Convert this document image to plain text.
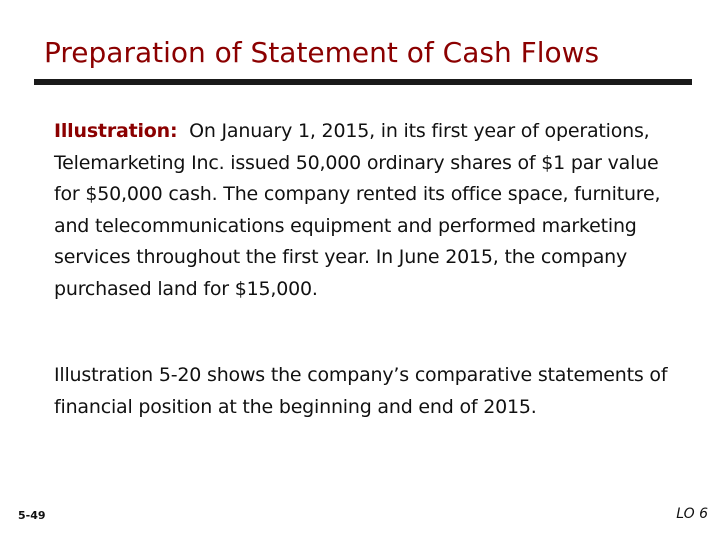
Preparation of Statement of Cash Flows

Illustration: On January 1, 2015, in its first year of operations, Telemarketing Inc. issued 50,000 ordinary shares of $1 par value for $50,000 cash. The company rented its office space, furniture, and telecommunications equipment and performed marketing services throughout the first year. In June 2015, the company purchased land for $15,000.

Illustration 5-20 shows the company’s comparative statements of financial position at the beginning and end of 2015.

5-49	LO 6
